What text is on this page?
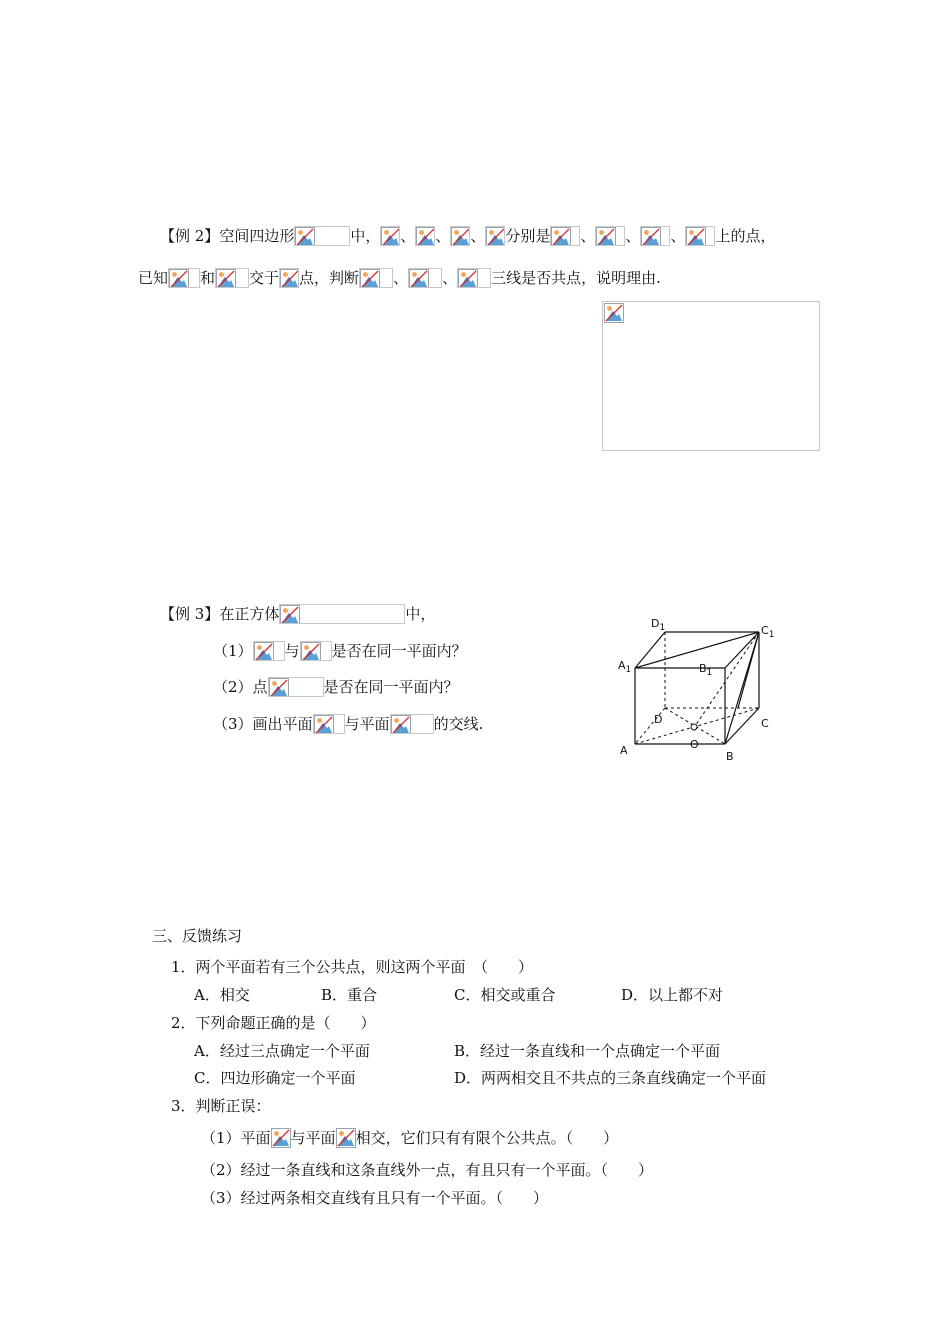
【例 2】空间四边形	中， 、 、 、 分别是 、 、 、 上的点，
已知 和 交于 点，判断 、 、 三线是否共点，说明理由.
【例 3】在正方体	中，
（1） 与 是否在同一平面内？
（2）点	是否在同一平面内？
（3）画出平面 与平面	的交线.
$D_1$	$C_1$
$A_1$	$B_1$
D	C
A	B
O
三、反馈练习
1．两个平面若有三个公共点，则这两个平面　（　　）
A．相交	B．重合	C．相交或重合	D．以上都不对
2．下列命题正确的是（　　）
A．经过三点确定一个平面	B．经过一条直线和一个点确定一个平面
C．四边形确定一个平面	D．两两相交且不共点的三条直线确定一个平面
3．判断正误：
（1）平面 与平面 相交，它们只有有限个公共点。（　　）
（2）经过一条直线和这条直线外一点，有且只有一个平面。（　　）
（3）经过两条相交直线有且只有一个平面。（　　）
